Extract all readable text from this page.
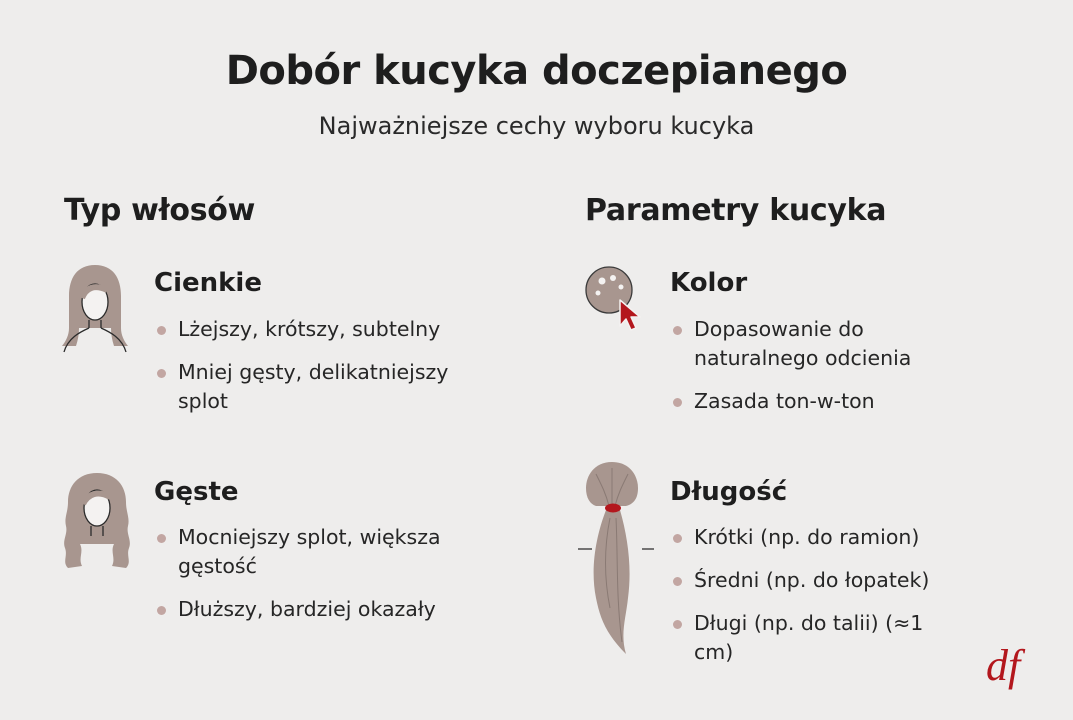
Dobór kucyka doczepianego
Najważniejsze cechy wyboru kucyka
Typ włosów
Cienkie
Lżejszy, krótszy, subtelny
Mniej gęsty, delikatniejszy splot
Gęste
Mocniejszy splot, większa gęstość
Dłuższy, bardziej okazały
Parametry kucyka
Kolor
Dopasowanie do naturalnego odcienia
Zasada ton-w-ton
Długość
Krótki (np. do ramion)
Średni (np. do łopatek)
Długi (np. do talii) (≈1 cm)	df
